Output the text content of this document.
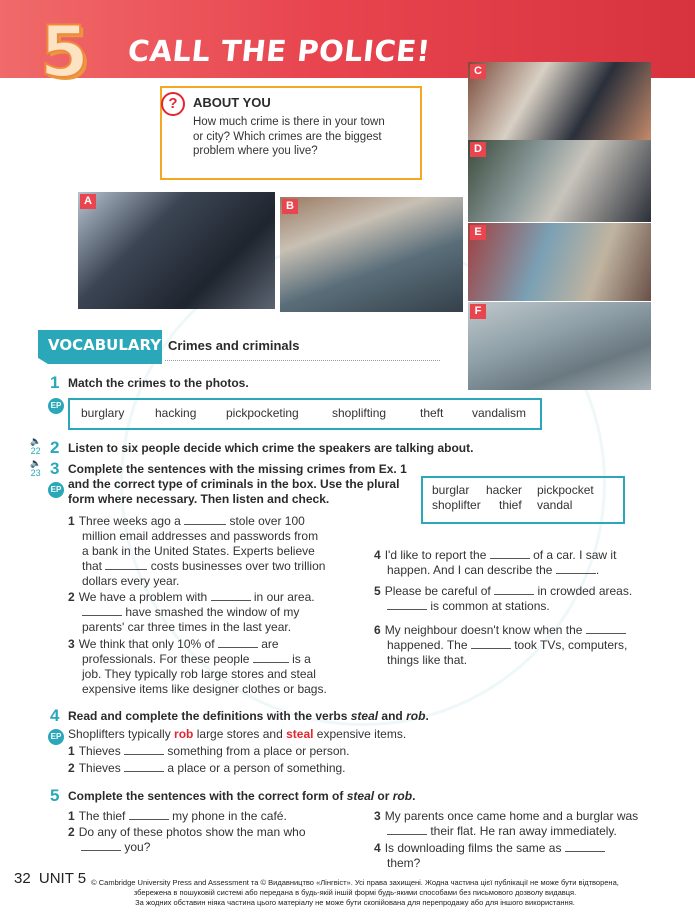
5 CALL THE POLICE!
?	ABOUT YOU
How much crime is there in your town
or city? Which crimes are the biggest
problem where you live?
A	B
C
D
E
F
VOCABULARY Crimes and criminals
1 Match the crimes to the photos.
EP
burglary	hacking pickpocketing	shoplifting	theft vandalism
🔈
22 2 Listen to six people decide which crime the speakers are talking about.
🔈
23 3
EP
Complete the sentences with the missing crimes from Ex. 1
and the correct type of criminals in the box. Use the plural
form where necessary. Then listen and check.
burglar hacker pickpocket
shoplifter thief vandal
1 Three weeks ago a	stole over 100
million email addresses and passwords from
a bank in the United States. Experts believe
that	costs businesses over two trillion
dollars every year.
2 We have a problem with	in our area.
have smashed the window of my
parents' car three times in the last year.
3 We think that only 10% of	are
professionals. For these people	is a
job. They typically rob large stores and steal
expensive items like designer clothes or bags.
4 I'd like to report the	of a car. I saw it
happen. And I can describe the	.
5 Please be careful of	in crowded areas.
is common at stations.
6 My neighbour doesn't know when the
happened. The	took TVs, computers,
things like that.
4 Read and complete the definitions with the verbs steal and rob.
EP Shoplifters typically rob large stores and steal expensive items.
1 Thieves	something from a place or person.
2 Thieves	a place or a person of something.
5 Complete the sentences with the correct form of steal or rob.
1 The thief	my phone in the café.
2 Do any of these photos show the man who
you?
3 My parents once came home and a burglar was
their flat. He ran away immediately.
4 Is downloading films the same as
them?
32 UNIT 5 © Cambridge University Press and Assessment та © Видавництво «Лінгвіст». Усі права захищені. Жодна частина цієї публікації не може бути відтворена,
збережена в пошуковій системі або передана в будь-якій іншій формі будь-якими способами без письмового дозволу видавця.
За жодних обставин ніяка частина цього матеріалу не може бути скопійована для перепродажу або для іншого використання.
